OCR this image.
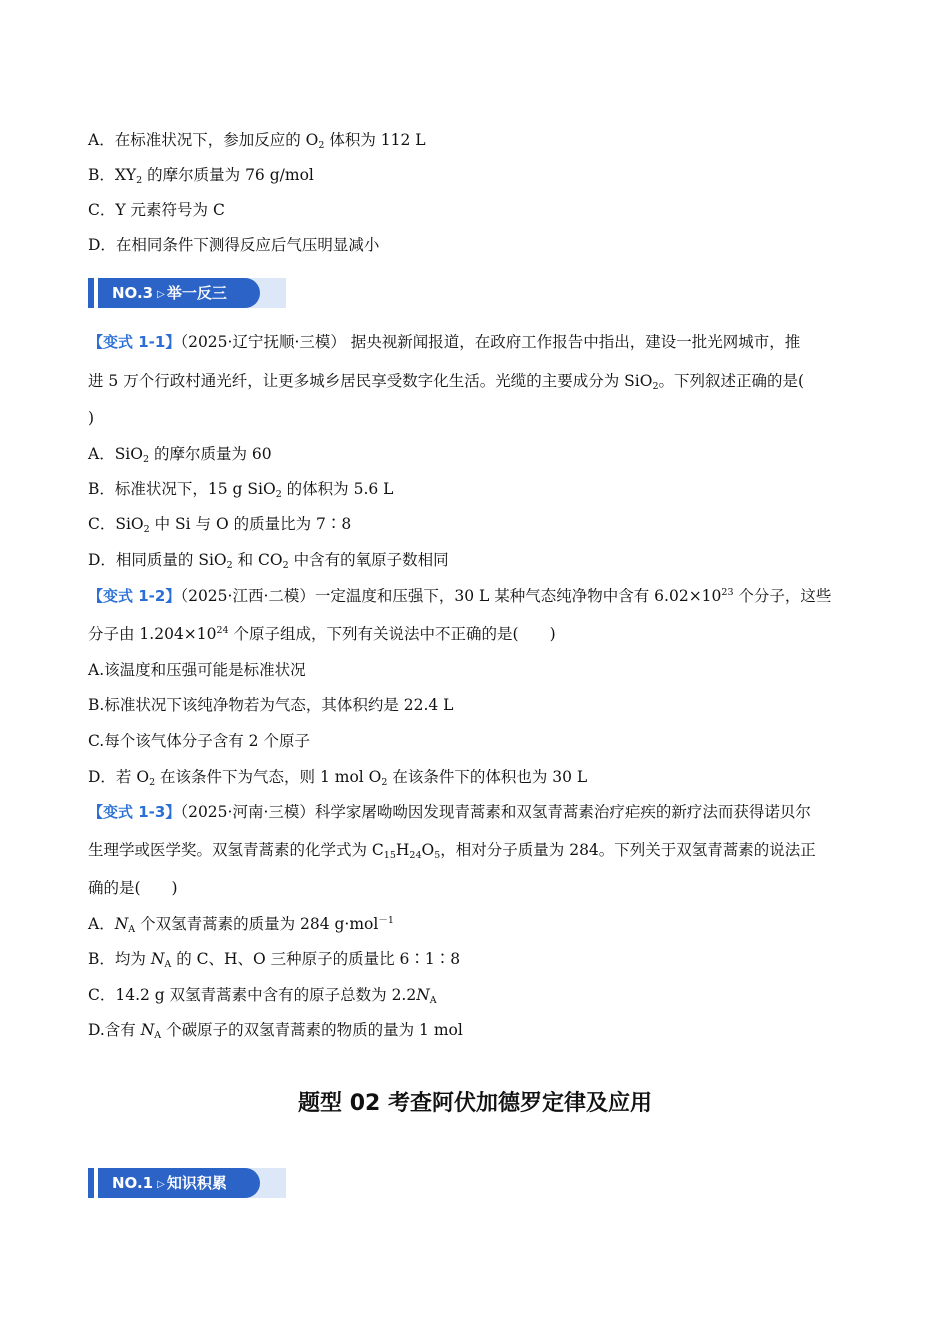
A．在标准状况下，参加反应的 $O_2$ 体积为 112 L
B．$XY_2$ 的摩尔质量为 76 g/mol
C．Y 元素符号为 C
D．在相同条件下测得反应后气压明显减小
NO.3 ▷ 举一反三
【变式 1-1】（2025·辽宁抚顺·三模） 据央视新闻报道，在政府工作报告中指出，建设一批光网城市，推
进 5 万个行政村通光纤，让更多城乡居民享受数字化生活。光缆的主要成分为 SiO$_2$。下列叙述正确的是(
)
A．SiO$_2$ 的摩尔质量为 60
B．标准状况下，15 g SiO$_2$ 的体积为 5.6 L
C．SiO$_2$ 中 Si 与 O 的质量比为 7∶8
D．相同质量的 SiO$_2$ 和 $CO_2$ 中含有的氧原子数相同
【变式 1-2】（2025·江西·二模）一定温度和压强下，30 L 某种气态纯净物中含有 $6.02\times 10^{23}$ 个分子，这些
分子由 $1.204\times 10^{24}$ 个原子组成，下列有关说法中不正确的是(　　)
A.该温度和压强可能是标准状况
B.标准状况下该纯净物若为气态，其体积约是 22.4 L
C.每个该气体分子含有 2 个原子
D．若 $O_2$ 在该条件下为气态，则 1 mol $O_2$ 在该条件下的体积也为 30 L
【变式 1-3】（2025·河南·三模）科学家屠呦呦因发现青蒿素和双氢青蒿素治疗疟疾的新疗法而获得诺贝尔
生理学或医学奖。双氢青蒿素的化学式为 $C_{15}H_{24}O_5$，相对分子质量为 284。下列关于双氢青蒿素的说法正
确的是(　　)
A．$N_A$ 个双氢青蒿素的质量为 284 g·mol$^{-1}$
B．均为 $N_A$ 的 C、H、O 三种原子的质量比 6∶1∶8
C．14.2 g 双氢青蒿素中含有的原子总数为 $2.2N_A$
D.含有 $N_A$ 个碳原子的双氢青蒿素的物质的量为 1 mol
题型 02 考查阿伏加德罗定律及应用
NO.1 ▷ 知识积累
